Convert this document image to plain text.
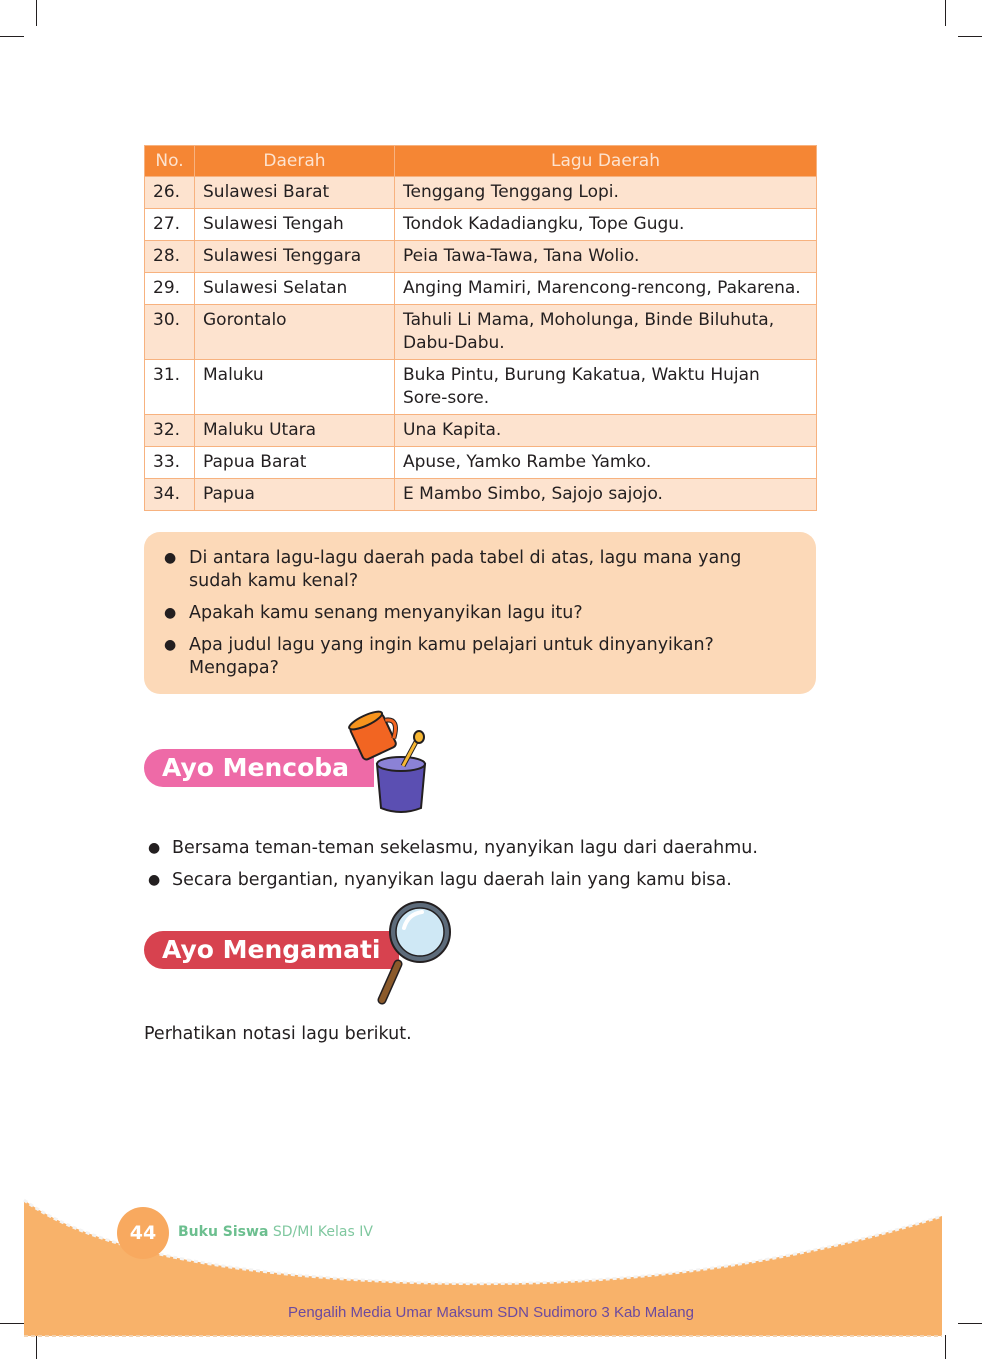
No.	Daerah	Lagu Daerah
26.	Sulawesi Barat	Tenggang Tenggang Lopi.
27.	Sulawesi Tengah	Tondok Kadadiangku, Tope Gugu.
28.	Sulawesi Tenggara	Peia Tawa-Tawa, Tana Wolio.
29.	Sulawesi Selatan	Anging Mamiri, Marencong-rencong, Pakarena.
30.	Gorontalo	Tahuli Li Mama, Moholunga, Binde Biluhuta, Dabu-Dabu.
31.	Maluku	Buka Pintu, Burung Kakatua, Waktu Hujan Sore-sore.
32.	Maluku Utara	Una Kapita.
33.	Papua Barat	Apuse, Yamko Rambe Yamko.
34.	Papua	E Mambo Simbo, Sajojo sajojo.
● Di antara lagu-lagu daerah pada tabel di atas, lagu mana yang sudah kamu kenal?
● Apakah kamu senang menyanyikan lagu itu?
● Apa judul lagu yang ingin kamu pelajari untuk dinyanyikan? Mengapa?
Ayo Mencoba
● Bersama teman-teman sekelasmu, nyanyikan lagu dari daerahmu.
● Secara bergantian, nyanyikan lagu daerah lain yang kamu bisa.
Ayo Mengamati
Perhatikan notasi lagu berikut.
44	Buku Siswa SD/MI Kelas IV
Pengalih Media Umar Maksum SDN Sudimoro 3 Kab Malang
